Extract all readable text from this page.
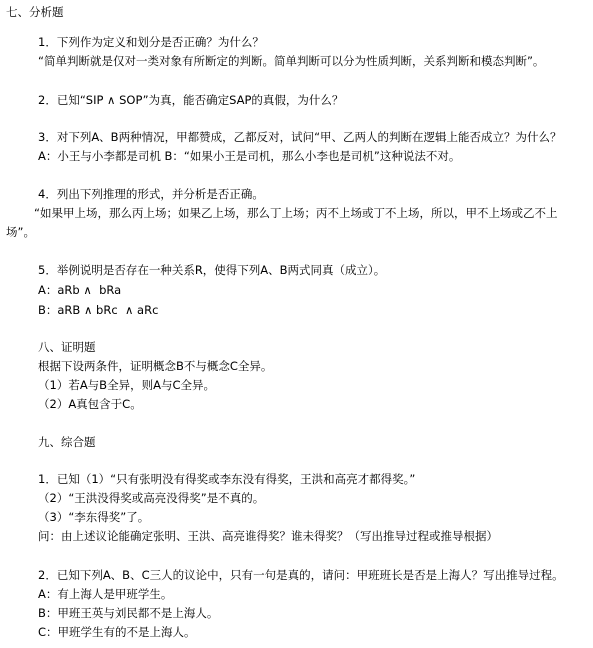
七、分析题
1．下列作为定义和划分是否正确？为什么？
“简单判断就是仅对一类对象有所断定的判断。简单判断可以分为性质判断，关系判断和模态判断”。
2．已知“SIP ∧ SOP”为真，能否确定SAP的真假，为什么？
3．对下列A、B两种情况，甲都赞成，乙都反对，试问“甲、乙两人的判断在逻辑上能否成立？为什么？
A：小王与小李都是司机 B：“如果小王是司机，那么小李也是司机”这种说法不对。
4．列出下列推理的形式，并分析是否正确。
“如果甲上场，那么丙上场；如果乙上场，那么丁上场；丙不上场或丁不上场，所以，甲不上场或乙不上
场”。
5．举例说明是否存在一种关系R，使得下列A、B两式同真（成立）。
A：aRb ∧  bRa
B：aRB ∧ bRc  ∧ aRc
八、证明题
根据下设两条件，证明概念B不与概念C全异。
（1）若A与B全异，则A与C全异。
（2）A真包含于C。
九、综合题
1．已知（1）“只有张明没有得奖或李东没有得奖，王洪和高亮才都得奖。”
（2）“王洪没得奖或高亮没得奖”是不真的。
（3）“李东得奖”了。
问：由上述议论能确定张明、王洪、高亮谁得奖？谁未得奖？（写出推导过程或推导根据）
2．已知下列A、B、C三人的议论中，只有一句是真的，请问：甲班班长是否是上海人？写出推导过程。
A：有上海人是甲班学生。
B：甲班王英与刘民都不是上海人。
C：甲班学生有的不是上海人。
